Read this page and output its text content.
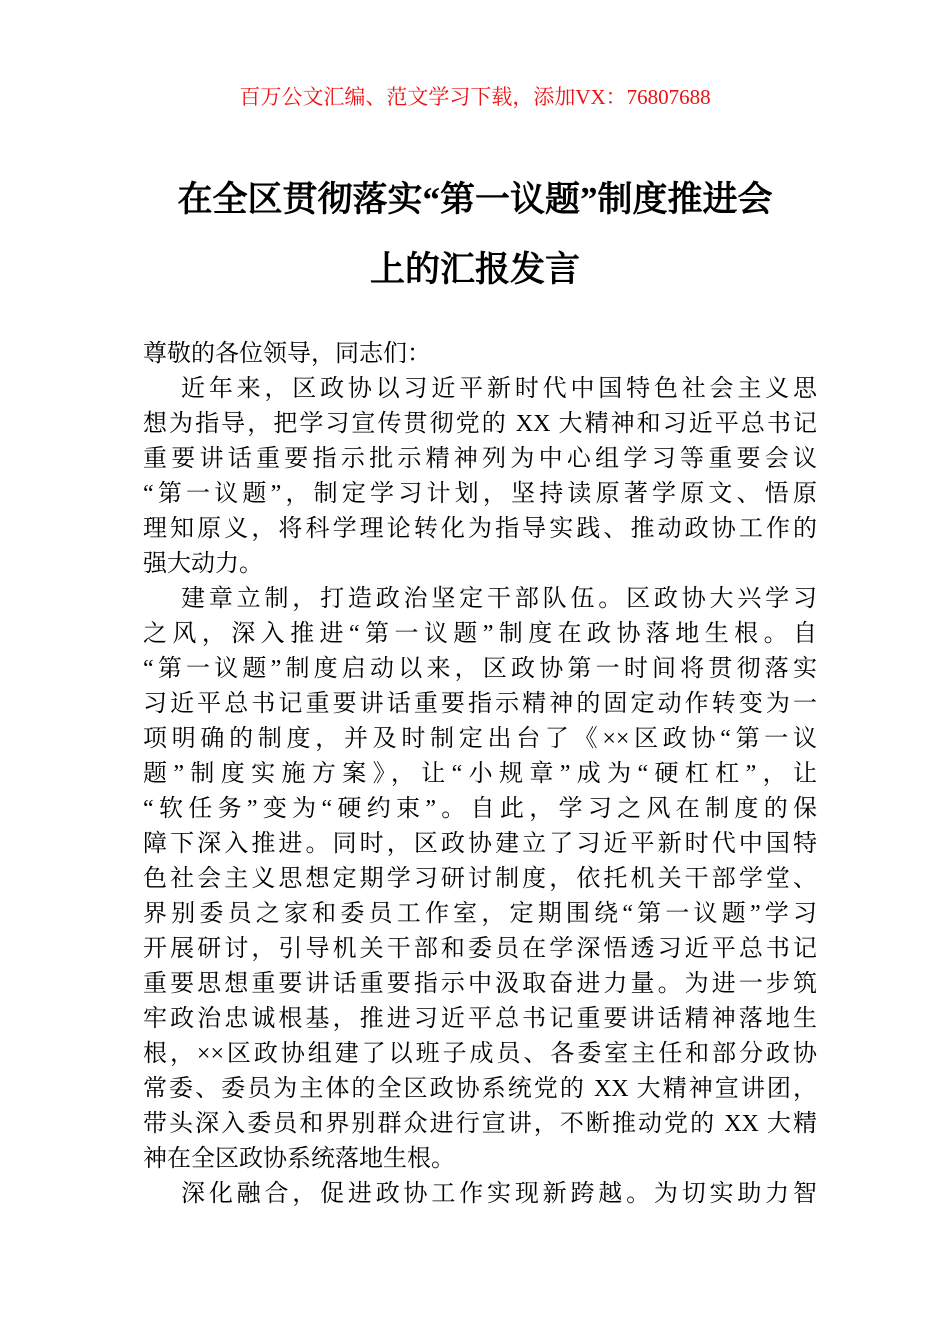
百万公文汇编、范文学习下载，添加VX：76807688
在全区贯彻落实“第一议题”制度推进会
上的汇报发言
尊敬的各位领导，同志们：
近年来，区政协以习近平新时代中国特色社会主义思
想为指导，把学习宣传贯彻党的 XX 大精神和习近平总书记
重要讲话重要指示批示精神列为中心组学习等重要会议
“第一议题”，制定学习计划，坚持读原著学原文、悟原
理知原义，将科学理论转化为指导实践、推动政协工作的
强大动力。
建章立制，打造政治坚定干部队伍。区政协大兴学习
之风，深入推进“第一议题”制度在政协落地生根。自
“第一议题”制度启动以来，区政协第一时间将贯彻落实
习近平总书记重要讲话重要指示精神的固定动作转变为一
项明确的制度，并及时制定出台了《××区政协“第一议
题”制度实施方案》，让“小规章”成为“硬杠杠”，让
“软任务”变为“硬约束”。自此，学习之风在制度的保
障下深入推进。同时，区政协建立了习近平新时代中国特
色社会主义思想定期学习研讨制度，依托机关干部学堂、
界别委员之家和委员工作室，定期围绕“第一议题”学习
开展研讨，引导机关干部和委员在学深悟透习近平总书记
重要思想重要讲话重要指示中汲取奋进力量。为进一步筑
牢政治忠诚根基，推进习近平总书记重要讲话精神落地生
根，××区政协组建了以班子成员、各委室主任和部分政协
常委、委员为主体的全区政协系统党的 XX 大精神宣讲团，
带头深入委员和界别群众进行宣讲，不断推动党的 XX 大精
神在全区政协系统落地生根。
深化融合，促进政协工作实现新跨越。为切实助力智
